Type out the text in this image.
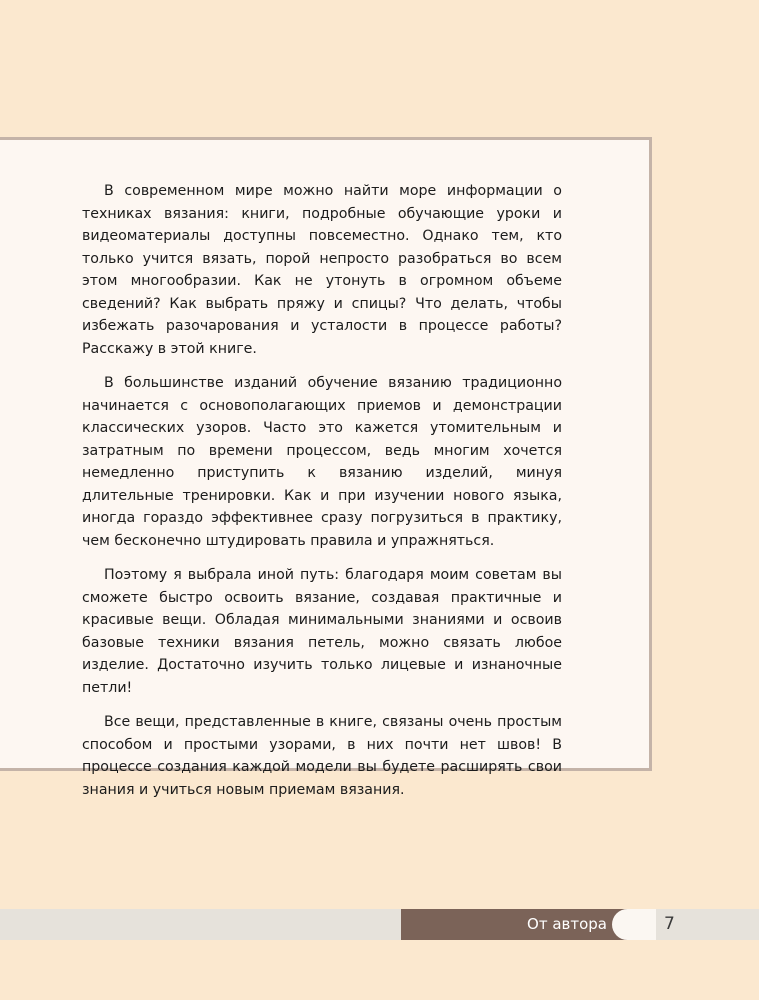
В современном мире можно найти море информации о техниках вязания: книги, подробные обучающие уроки и видеоматериалы доступны повсеместно. Однако тем, кто только учится вязать, порой непросто разобраться во всем этом многообразии. Как не утонуть в огромном объеме сведений? Как выбрать пряжу и спицы? Что делать, чтобы избежать разочарования и усталости в процессе работы? Расскажу в этой книге.

В большинстве изданий обучение вязанию традиционно начинается с основополагающих приемов и демонстрации классических узоров. Часто это кажется утомительным и затратным по времени процессом, ведь многим хочется немедленно приступить к вязанию изделий, минуя длительные тренировки. Как и при изучении нового языка, иногда гораздо эффективнее сразу погрузиться в практику, чем бесконечно штудировать правила и упражняться.

Поэтому я выбрала иной путь: благодаря моим советам вы сможете быстро освоить вязание, создавая практичные и красивые вещи. Обладая минимальными знаниями и освоив базовые техники вязания петель, можно связать любое изделие. Достаточно изучить только лицевые и изнаночные петли!

Все вещи, представленные в книге, связаны очень простым способом и простыми узорами, в них почти нет швов! В процессе создания каждой модели вы будете расширять свои знания и учиться новым приемам вязания.

От автора	7
